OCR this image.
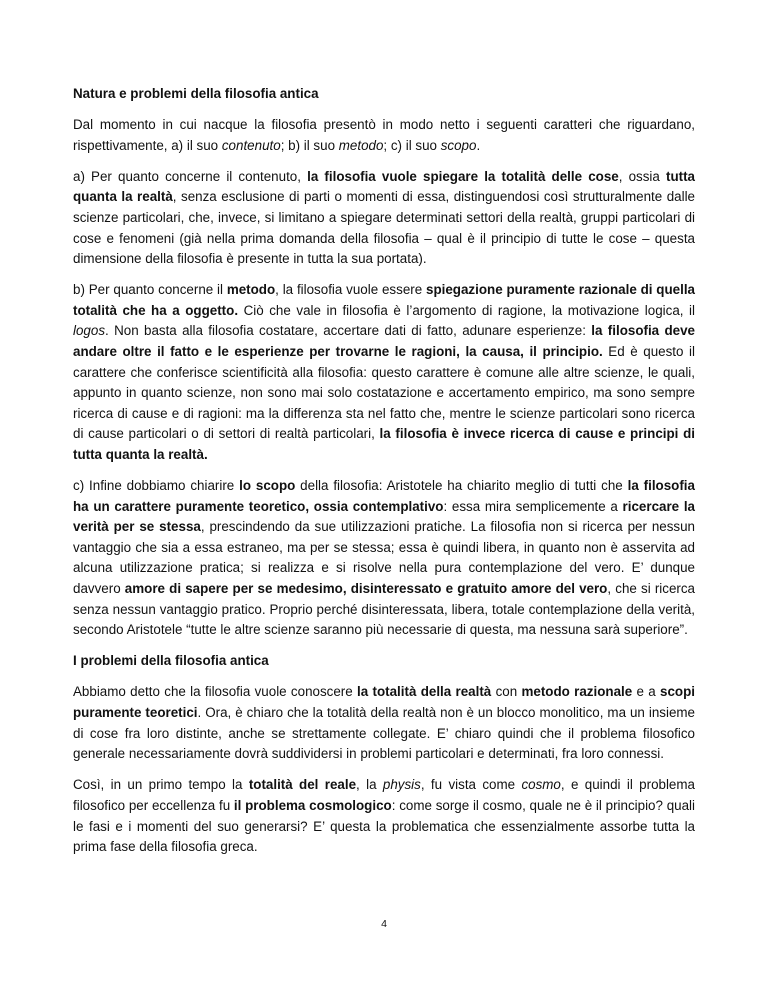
Natura e problemi della filosofia antica

Dal momento in cui nacque la filosofia presentò in modo netto i seguenti caratteri che riguardano, rispettivamente, a) il suo contenuto; b) il suo metodo; c) il suo scopo.

a) Per quanto concerne il contenuto, la filosofia vuole spiegare la totalità delle cose, ossia tutta quanta la realtà, senza esclusione di parti o momenti di essa, distinguendosi così strutturalmente dalle scienze particolari, che, invece, si limitano a spiegare determinati settori della realtà, gruppi particolari di cose e fenomeni (già nella prima domanda della filosofia – qual è il principio di tutte le cose – questa dimensione della filosofia è presente in tutta la sua portata).

b) Per quanto concerne il metodo, la filosofia vuole essere spiegazione puramente razionale di quella totalità che ha a oggetto. Ciò che vale in filosofia è l’argomento di ragione, la motivazione logica, il logos. Non basta alla filosofia costatare, accertare dati di fatto, adunare esperienze: la filosofia deve andare oltre il fatto e le esperienze per trovarne le ragioni, la causa, il principio. Ed è questo il carattere che conferisce scientificità alla filosofia: questo carattere è comune alle altre scienze, le quali, appunto in quanto scienze, non sono mai solo costatazione e accertamento empirico, ma sono sempre ricerca di cause e di ragioni: ma la differenza sta nel fatto che, mentre le scienze particolari sono ricerca di cause particolari o di settori di realtà particolari, la filosofia è invece ricerca di cause e principi di tutta quanta la realtà.

c) Infine dobbiamo chiarire lo scopo della filosofia: Aristotele ha chiarito meglio di tutti che la filosofia ha un carattere puramente teoretico, ossia contemplativo: essa mira semplicemente a ricercare la verità per se stessa, prescindendo da sue utilizzazioni pratiche. La filosofia non si ricerca per nessun vantaggio che sia a essa estraneo, ma per se stessa; essa è quindi libera, in quanto non è asservita ad alcuna utilizzazione pratica; si realizza e si risolve nella pura contemplazione del vero. E’ dunque davvero amore di sapere per se medesimo, disinteressato e gratuito amore del vero, che si ricerca senza nessun vantaggio pratico. Proprio perché disinteressata, libera, totale contemplazione della verità, secondo Aristotele “tutte le altre scienze saranno più necessarie di questa, ma nessuna sarà superiore”.

I problemi della filosofia antica

Abbiamo detto che la filosofia vuole conoscere la totalità della realtà con metodo razionale e a scopi puramente teoretici. Ora, è chiaro che la totalità della realtà non è un blocco monolitico, ma un insieme di cose fra loro distinte, anche se strettamente collegate. E’ chiaro quindi che il problema filosofico generale necessariamente dovrà suddividersi in problemi particolari e determinati, fra loro connessi.

Così, in un primo tempo la totalità del reale, la physis, fu vista come cosmo, e quindi il problema filosofico per eccellenza fu il problema cosmologico: come sorge il cosmo, quale ne è il principio? quali le fasi e i momenti del suo generarsi? E’ questa la problematica che essenzialmente assorbe tutta la prima fase della filosofia greca.

4
